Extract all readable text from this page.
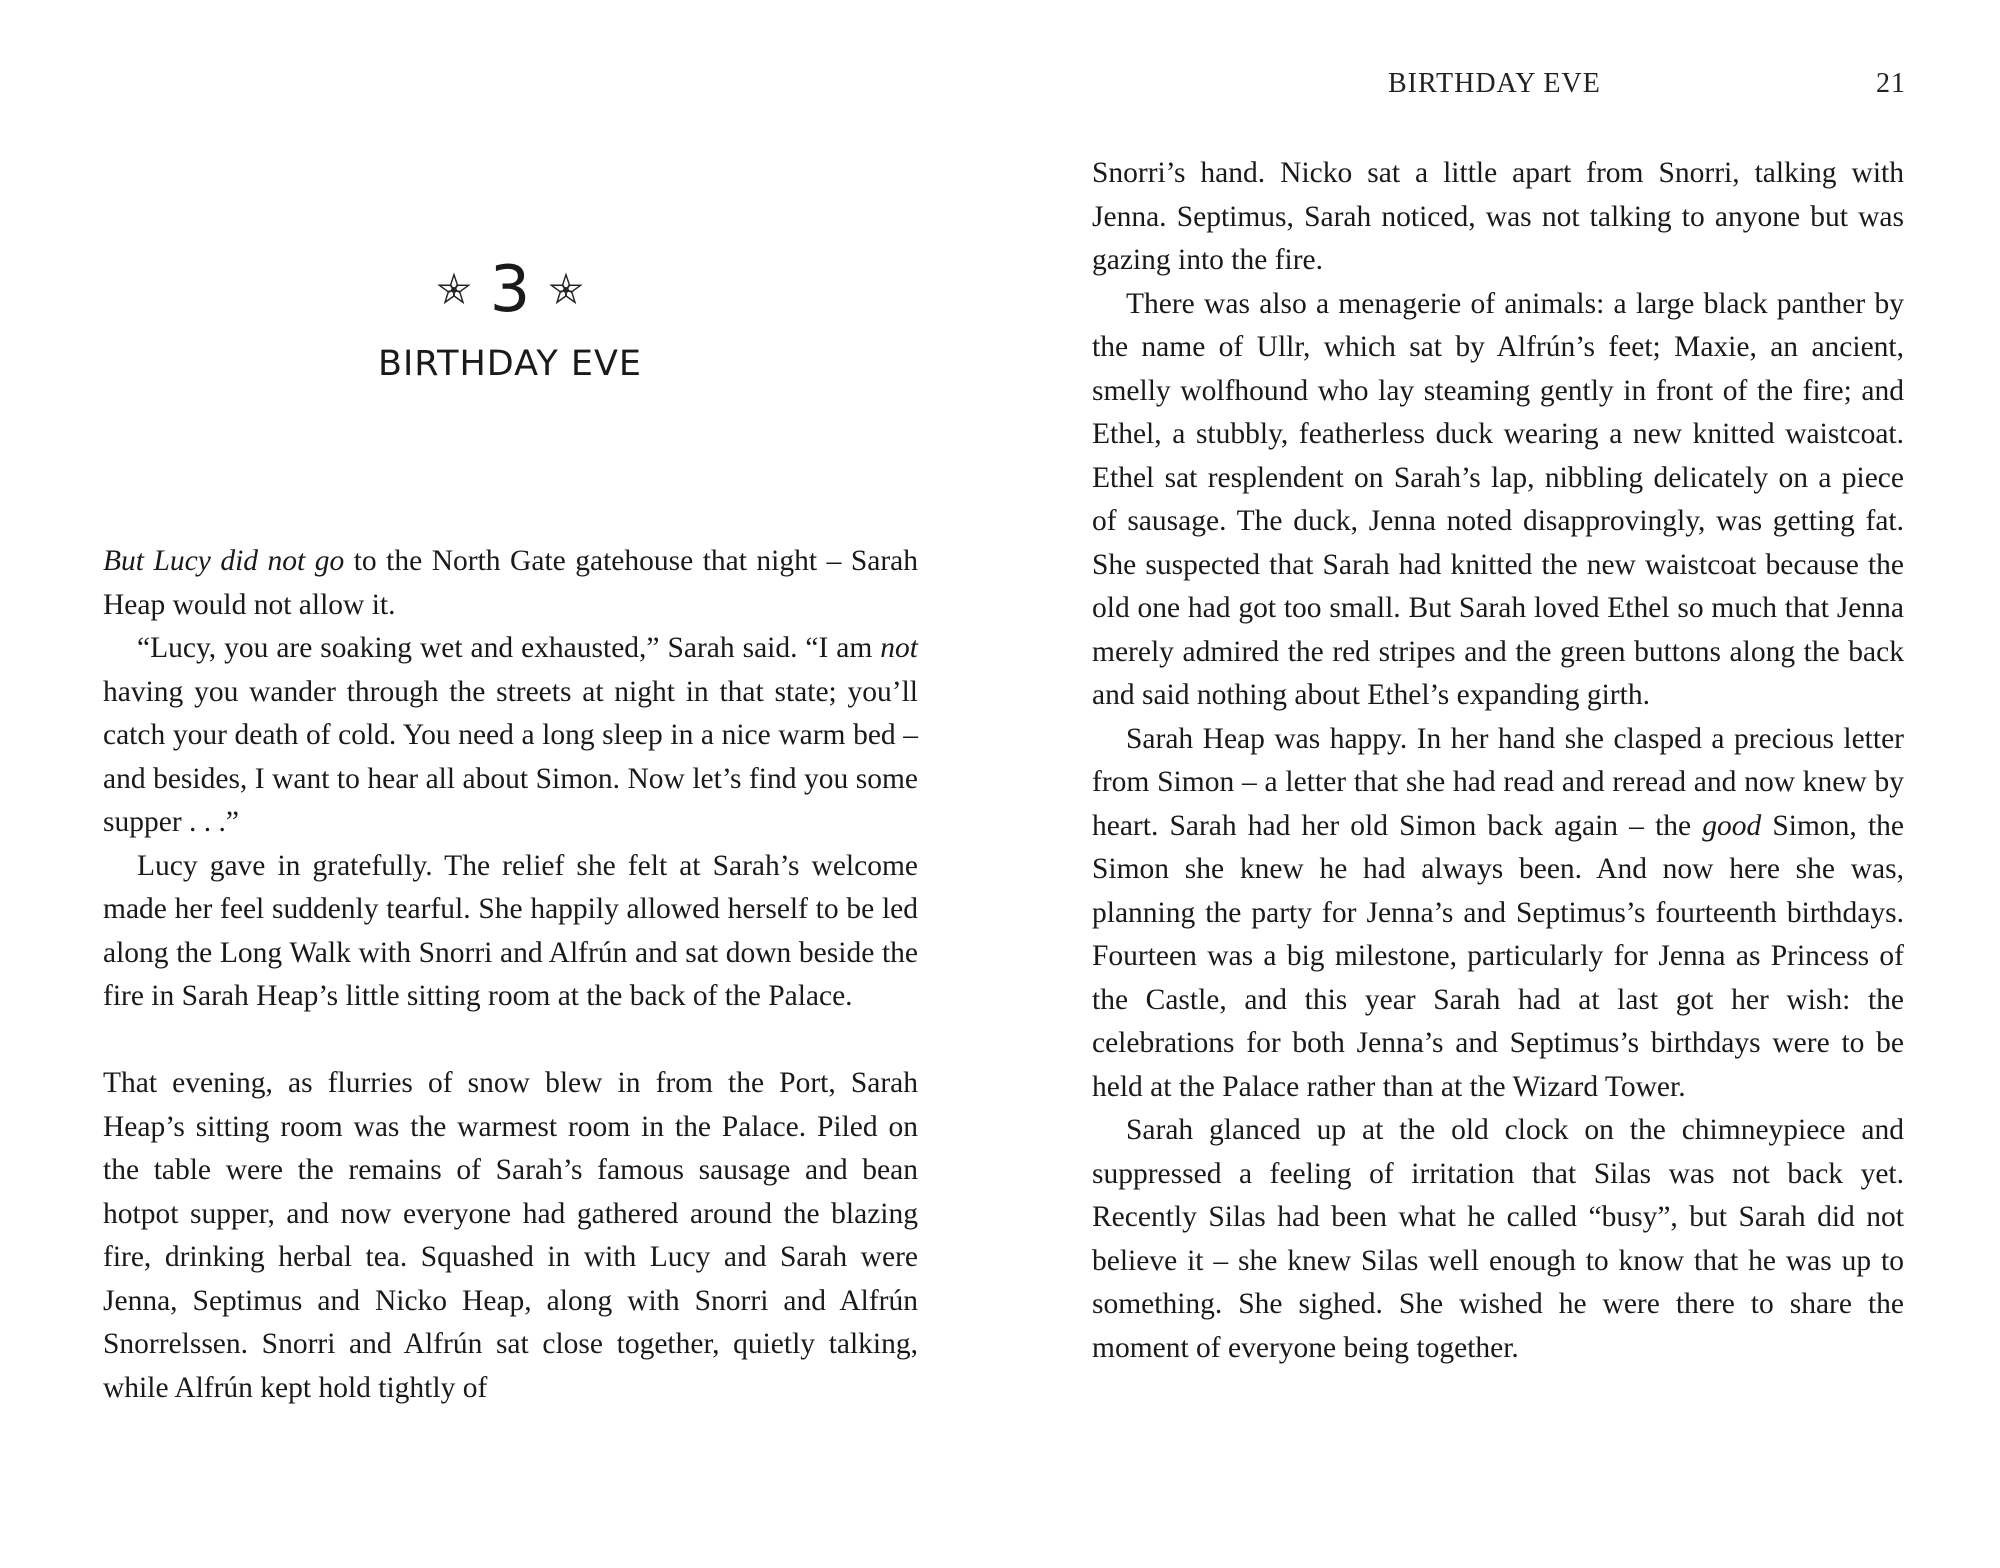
3
BIRTHDAY EVE

But Lucy did not go to the North Gate gatehouse that night – Sarah Heap would not allow it.

“Lucy, you are soaking wet and exhausted,” Sarah said. “I am not having you wander through the streets at night in that state; you’ll catch your death of cold. You need a long sleep in a nice warm bed – and besides, I want to hear all about Simon. Now let’s find you some supper . . .”

Lucy gave in gratefully. The relief she felt at Sarah’s welcome made her feel suddenly tearful. She happily allowed herself to be led along the Long Walk with Snorri and Alfrún and sat down beside the fire in Sarah Heap’s little sitting room at the back of the Palace.

That evening, as flurries of snow blew in from the Port, Sarah Heap’s sitting room was the warmest room in the Palace. Piled on the table were the remains of Sarah’s famous sausage and bean hotpot supper, and now everyone had gathered around the blazing fire, drinking herbal tea. Squashed in with Lucy and Sarah were Jenna, Septimus and Nicko Heap, along with Snorri and Alfrún Snorrelssen. Snorri and Alfrún sat close together, quietly talking, while Alfrún kept hold tightly of

BIRTHDAY EVE	21

Snorri’s hand. Nicko sat a little apart from Snorri, talking with Jenna. Septimus, Sarah noticed, was not talking to anyone but was gazing into the fire.

There was also a menagerie of animals: a large black panther by the name of Ullr, which sat by Alfrún’s feet; Maxie, an ancient, smelly wolfhound who lay steaming gently in front of the fire; and Ethel, a stubbly, featherless duck wearing a new knitted waistcoat. Ethel sat resplendent on Sarah’s lap, nibbling delicately on a piece of sausage. The duck, Jenna noted disapprovingly, was getting fat. She suspected that Sarah had knitted the new waistcoat because the old one had got too small. But Sarah loved Ethel so much that Jenna merely admired the red stripes and the green buttons along the back and said nothing about Ethel’s expanding girth.

Sarah Heap was happy. In her hand she clasped a precious letter from Simon – a letter that she had read and reread and now knew by heart. Sarah had her old Simon back again – the good Simon, the Simon she knew he had always been. And now here she was, planning the party for Jenna’s and Septimus’s fourteenth birthdays. Fourteen was a big milestone, particularly for Jenna as Princess of the Castle, and this year Sarah had at last got her wish: the celebrations for both Jenna’s and Septimus’s birthdays were to be held at the Palace rather than at the Wizard Tower.

Sarah glanced up at the old clock on the chimneypiece and suppressed a feeling of irritation that Silas was not back yet. Recently Silas had been what he called “busy”, but Sarah did not believe it – she knew Silas well enough to know that he was up to something. She sighed. She wished he were there to share the moment of everyone being together.
